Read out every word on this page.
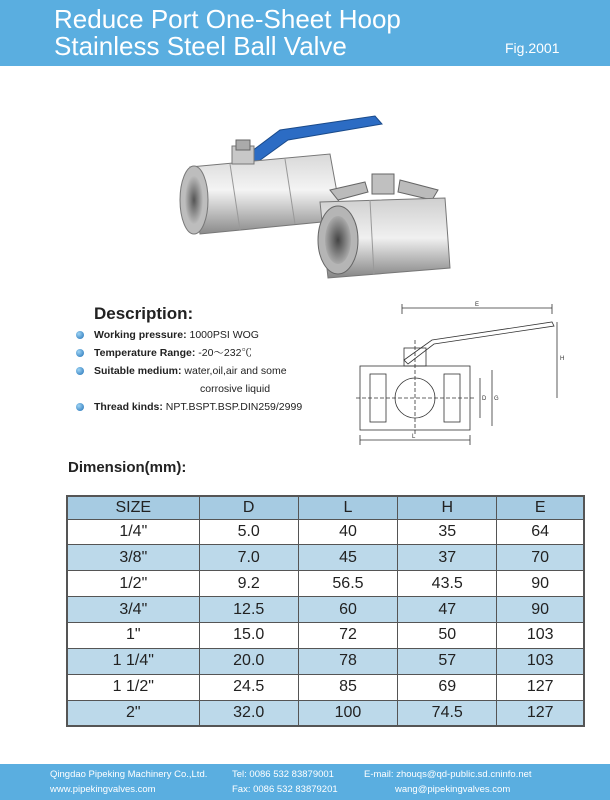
Reduce Port One-Sheet Hoop
Stainless Steel Ball Valve	Fig.2001
Description:
Working pressure: 1000PSI WOG
Temperature Range: -20～232℃
Suitable medium: water,oil,air and some
corrosive liquid
Thread kinds: NPT.BSPT.BSP.DIN259/2999
E
H
L
D G
Dimension(mm):
SIZE	D	L	H	E
1/4"	5.0	40	35	64
3/8"	7.0	45	37	70
1/2"	9.2	56.5	43.5	90
3/4"	12.5	60	47	90
1"	15.0	72	50	103
1 1/4"	20.0	78	57	103
1 1/2"	24.5	85	69	127
2"	32.0	100	74.5	127
Qingdao Pipeking Machinery Co.,Ltd.	Tel: 0086 532 83879001	E-mail: zhouqs@qd-public.sd.cninfo.net
www.pipekingvalves.com	Fax: 0086 532 83879201	wang@pipekingvalves.com
